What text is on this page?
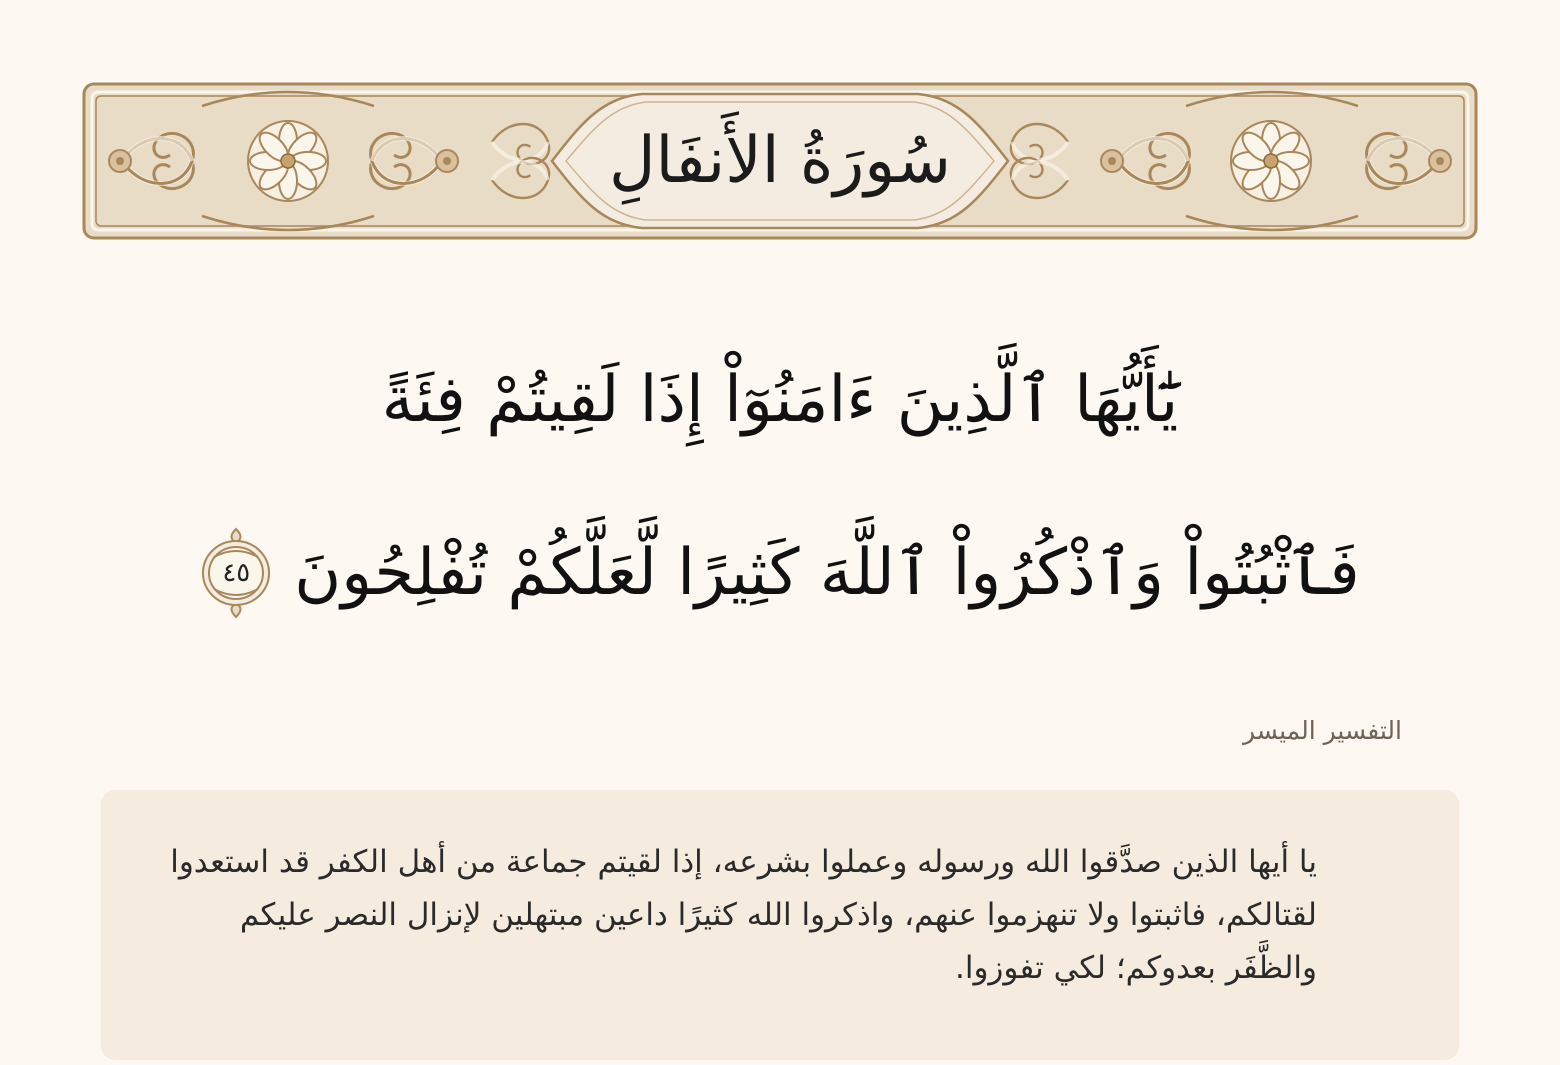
سُورَةُ الأَنفَالِ
يَٰٓأَيُّهَا ٱلَّذِينَ ءَامَنُوٓاْ إِذَا لَقِيتُمْ فِئَةً
فَٱثْبُتُواْ وَٱذْكُرُواْ ٱللَّهَ كَثِيرًا لَّعَلَّكُمْ تُفْلِحُونَ
٤٥
التفسير الميسر
يا أيها الذين صدَّقوا الله ورسوله وعملوا بشرعه، إذا لقيتم جماعة من أهل الكفر قد استعدوا لقتالكم، فاثبتوا ولا تنهزموا عنهم، واذكروا الله كثيرًا داعين مبتهلين لإنزال النصر عليكم والظَّفَر بعدوكم؛ لكي تفوزوا.
